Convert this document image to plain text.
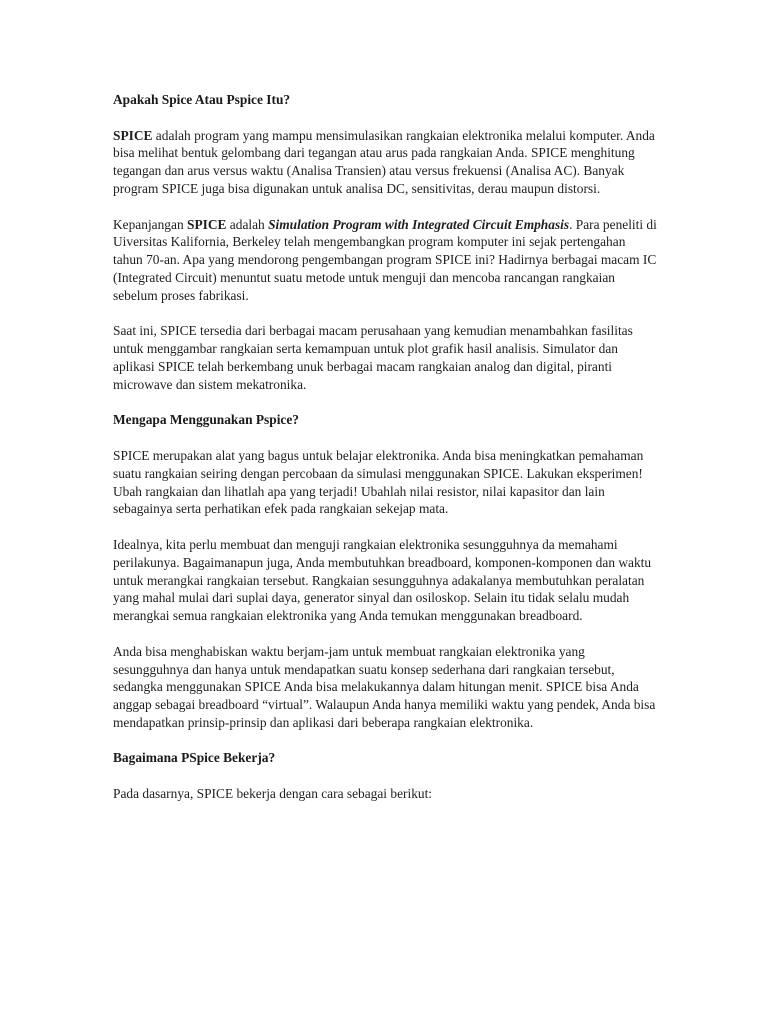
Apakah Spice Atau Pspice Itu?

SPICE adalah program yang mampu mensimulasikan rangkaian elektronika melalui komputer. Anda bisa melihat bentuk gelombang dari tegangan atau arus pada rangkaian Anda. SPICE menghitung tegangan dan arus versus waktu (Analisa Transien) atau versus frekuensi (Analisa AC). Banyak program SPICE juga bisa digunakan untuk analisa DC, sensitivitas, derau maupun distorsi.

Kepanjangan SPICE adalah Simulation Program with Integrated Circuit Emphasis. Para peneliti di Uiversitas Kalifornia, Berkeley telah mengembangkan program komputer ini sejak pertengahan tahun 70-an. Apa yang mendorong pengembangan program SPICE ini? Hadirnya berbagai macam IC (Integrated Circuit) menuntut suatu metode untuk menguji dan mencoba rancangan rangkaian sebelum proses fabrikasi.

Saat ini, SPICE tersedia dari berbagai macam perusahaan yang kemudian menambahkan fasilitas untuk menggambar rangkaian serta kemampuan untuk plot grafik hasil analisis. Simulator dan aplikasi SPICE telah berkembang unuk berbagai macam rangkaian analog dan digital, piranti microwave dan sistem mekatronika.

Mengapa Menggunakan Pspice?

SPICE merupakan alat yang bagus untuk belajar elektronika. Anda bisa meningkatkan pemahaman suatu rangkaian seiring dengan percobaan da simulasi menggunakan SPICE. Lakukan eksperimen! Ubah rangkaian dan lihatlah apa yang terjadi! Ubahlah nilai resistor, nilai kapasitor dan lain sebagainya serta perhatikan efek pada rangkaian sekejap mata.

Idealnya, kita perlu membuat dan menguji rangkaian elektronika sesungguhnya da memahami perilakunya. Bagaimanapun juga, Anda membutuhkan breadboard, komponen-komponen dan waktu untuk merangkai rangkaian tersebut. Rangkaian sesungguhnya adakalanya membutuhkan peralatan yang mahal mulai dari suplai daya, generator sinyal dan osiloskop. Selain itu tidak selalu mudah merangkai semua rangkaian elektronika yang Anda temukan menggunakan breadboard.

Anda bisa menghabiskan waktu berjam-jam untuk membuat rangkaian elektronika yang sesungguhnya dan hanya untuk mendapatkan suatu konsep sederhana dari rangkaian tersebut, sedangka menggunakan SPICE Anda bisa melakukannya dalam hitungan menit. SPICE bisa Anda anggap sebagai breadboard “virtual”. Walaupun Anda hanya memiliki waktu yang pendek, Anda bisa mendapatkan prinsip-prinsip dan aplikasi dari beberapa rangkaian elektronika.

Bagaimana PSpice Bekerja?

Pada dasarnya, SPICE bekerja dengan cara sebagai berikut:
